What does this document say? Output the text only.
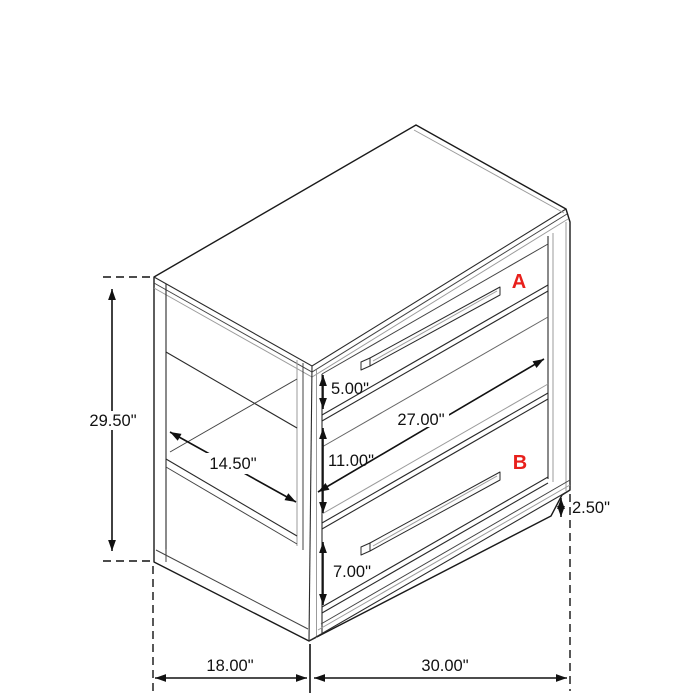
A
B
29.50"
14.50"
5.00"
11.00"
27.00"
7.00"
2.50"
18.00"	30.00"
